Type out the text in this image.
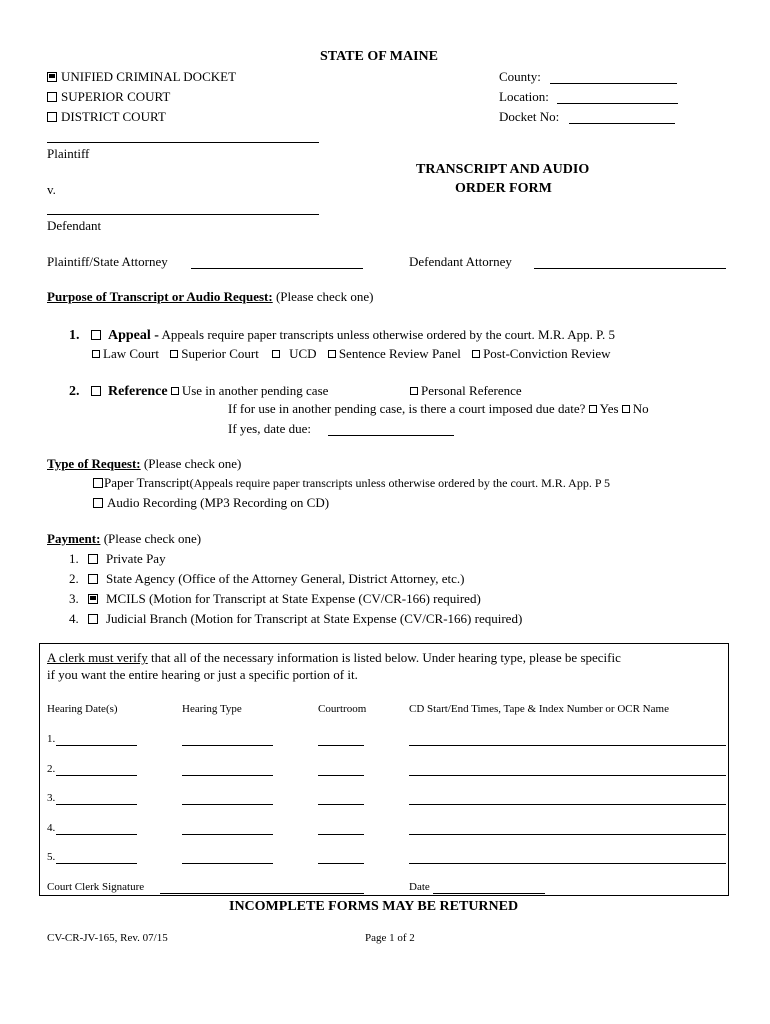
STATE OF MAINE
UNIFIED CRIMINAL DOCKET
SUPERIOR COURT
DISTRICT COURT
County:
Location:
Docket No:
Plaintiff
v.
Defendant
TRANSCRIPT AND AUDIO
ORDER FORM
Plaintiff/State Attorney	Defendant Attorney
Purpose of Transcript or Audio Request: (Please check one)
1. Appeal - Appeals require paper transcripts unless otherwise ordered by the court. M.R. App. P. 5
Law Court Superior Court UCD Sentence Review Panel Post-Conviction Review
2. Reference Use in another pending case	Personal Reference
If for use in another pending case, is there a court imposed due date? Yes No
If yes, date due:
Type of Request: (Please check one)
Paper Transcript(Appeals require paper transcripts unless otherwise ordered by the court. M.R. App. P 5
Audio Recording (MP3 Recording on CD)
Payment: (Please check one)
1. Private Pay
2. State Agency (Office of the Attorney General, District Attorney, etc.)
3. MCILS (Motion for Transcript at State Expense (CV/CR-166) required)
4. Judicial Branch (Motion for Transcript at State Expense (CV/CR-166) required)
A clerk must verify that all of the necessary information is listed below. Under hearing type, please be specific
if you want the entire hearing or just a specific portion of it.
Hearing Date(s)	Hearing Type	Courtroom	CD Start/End Times, Tape & Index Number or OCR Name
1.
2.
3.
4.
5.
Court Clerk Signature	Date
INCOMPLETE FORMS MAY BE RETURNED
CV-CR-JV-165, Rev. 07/15	Page 1 of 2
